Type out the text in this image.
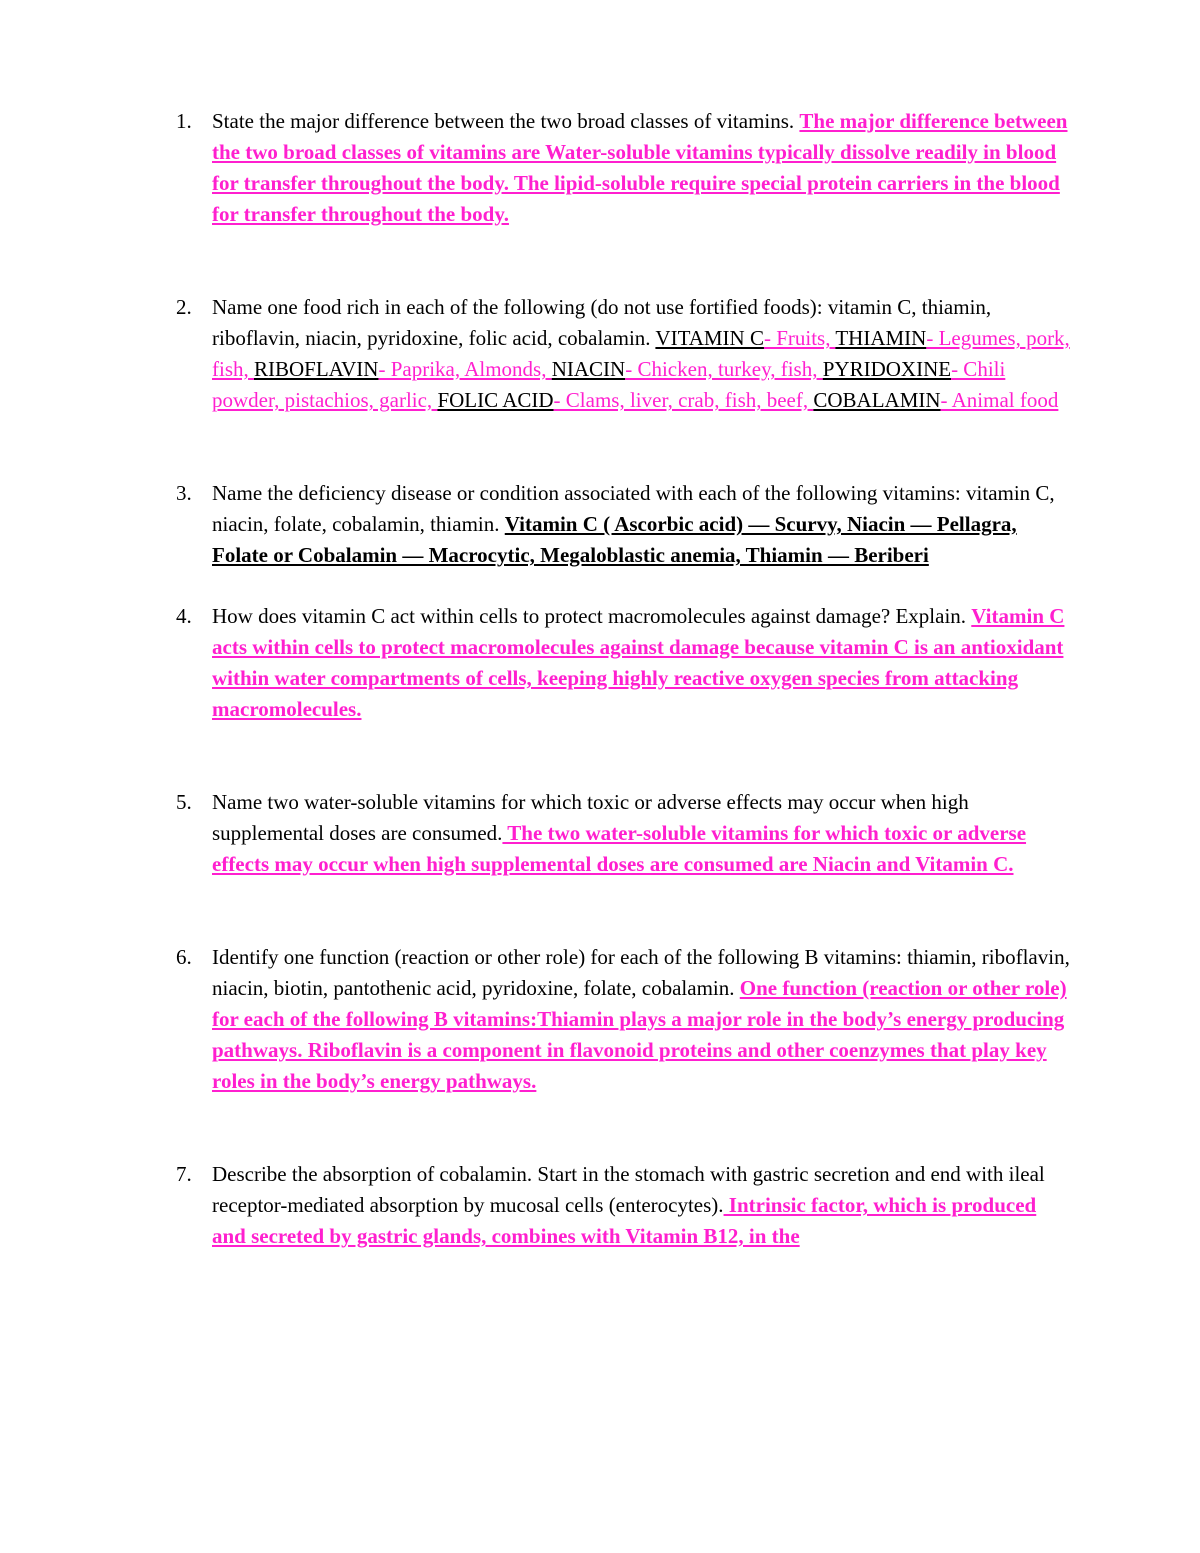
1. State the major difference between the two broad classes of vitamins. The major difference between the two broad classes of vitamins are Water-soluble vitamins typically dissolve readily in blood for transfer throughout the body. The lipid-soluble require special protein carriers in the blood for transfer throughout the body.
2. Name one food rich in each of the following (do not use fortified foods): vitamin C, thiamin, riboflavin, niacin, pyridoxine, folic acid, cobalamin. VITAMIN C- Fruits, THIAMIN- Legumes, pork, fish, RIBOFLAVIN- Paprika, Almonds, NIACIN- Chicken, turkey, fish, PYRIDOXINE- Chili powder, pistachios, garlic, FOLIC ACID- Clams, liver, crab, fish, beef, COBALAMIN- Animal food
3. Name the deficiency disease or condition associated with each of the following vitamins: vitamin C, niacin, folate, cobalamin, thiamin. Vitamin C ( Ascorbic acid) — Scurvy, Niacin — Pellagra, Folate or Cobalamin — Macrocytic, Megaloblastic anemia, Thiamin — Beriberi
4. How does vitamin C act within cells to protect macromolecules against damage? Explain. Vitamin C acts within cells to protect macromolecules against damage because vitamin C is an antioxidant within water compartments of cells, keeping highly reactive oxygen species from attacking macromolecules.
5. Name two water-soluble vitamins for which toxic or adverse effects may occur when high supplemental doses are consumed. The two water-soluble vitamins for which toxic or adverse effects may occur when high supplemental doses are consumed are Niacin and Vitamin C.
6. Identify one function (reaction or other role) for each of the following B vitamins: thiamin, riboflavin, niacin, biotin, pantothenic acid, pyridoxine, folate, cobalamin. One function (reaction or other role) for each of the following B vitamins:Thiamin plays a major role in the body’s energy producing pathways. Riboflavin is a component in flavonoid proteins and other coenzymes that play key roles in the body’s energy pathways.
7. Describe the absorption of cobalamin. Start in the stomach with gastric secretion and end with ileal receptor-mediated absorption by mucosal cells (enterocytes). Intrinsic factor, which is produced and secreted by gastric glands, combines with Vitamin B12, in the
